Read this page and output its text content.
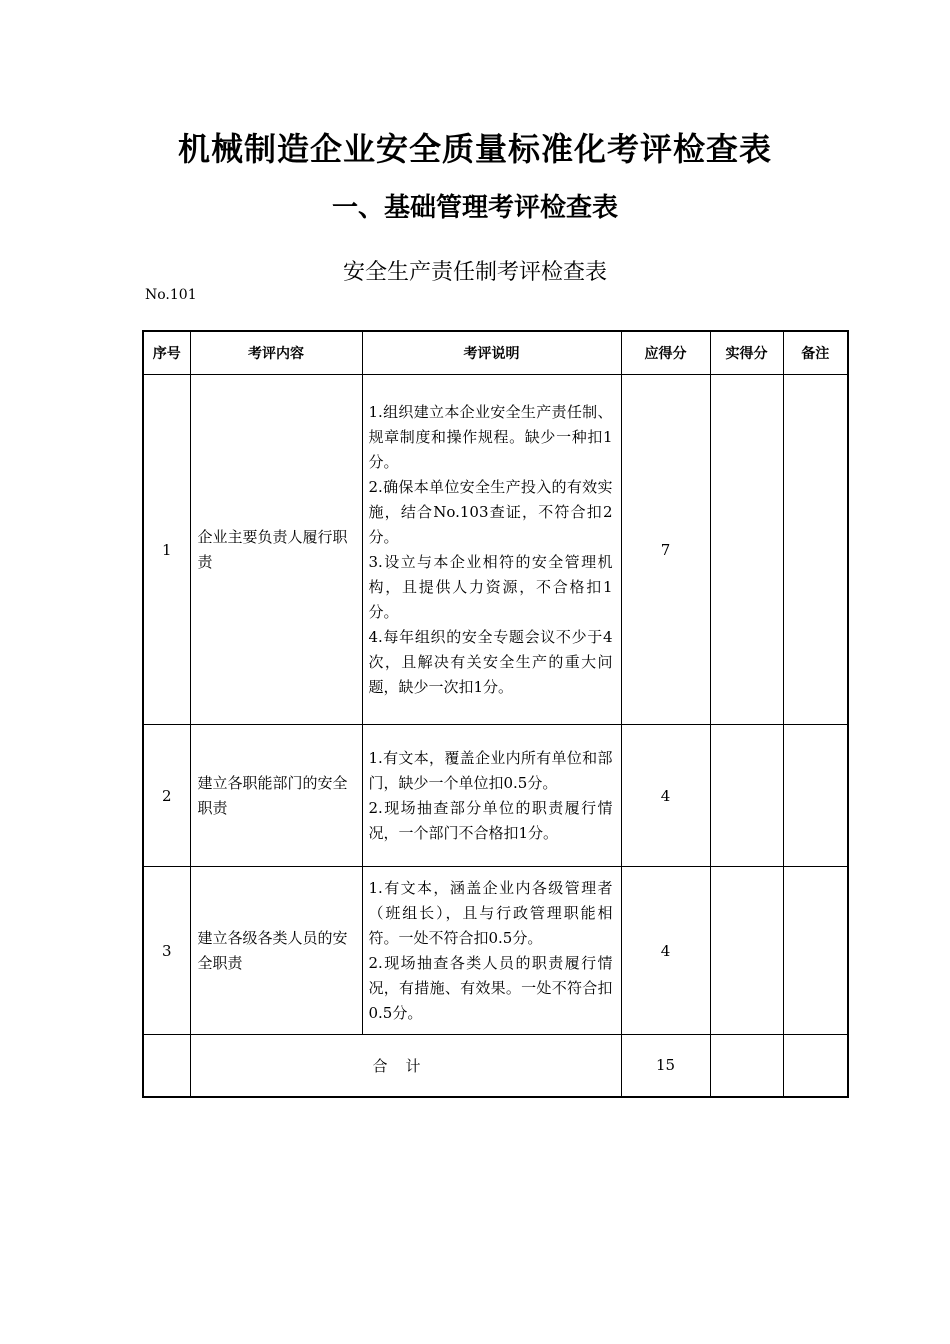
机械制造企业安全质量标准化考评检查表
一、基础管理考评检查表
安全生产责任制考评检查表
No.101
序号	考评内容	考评说明	应得分	实得分	备注
1	企业主要负责人履行职责	1.组织建立本企业安全生产责任制、规章制度和操作规程。缺少一种扣1分。
2.确保本单位安全生产投入的有效实施，结合No.103查证，不符合扣2分。
3.设立与本企业相符的安全管理机构，且提供人力资源，不合格扣1分。
4.每年组织的安全专题会议不少于4次，且解决有关安全生产的重大问题，缺少一次扣1分。	7		
2	建立各职能部门的安全职责	1.有文本，覆盖企业内所有单位和部门，缺少一个单位扣0.5分。
2.现场抽查部分单位的职责履行情况，一个部门不合格扣1分。	4		
3	建立各级各类人员的安全职责	1.有文本，涵盖企业内各级管理者（班组长），且与行政管理职能相符。一处不符合扣0.5分。
2.现场抽查各类人员的职责履行情况，有措施、有效果。一处不符合扣0.5分。	4		
	合计		15		
